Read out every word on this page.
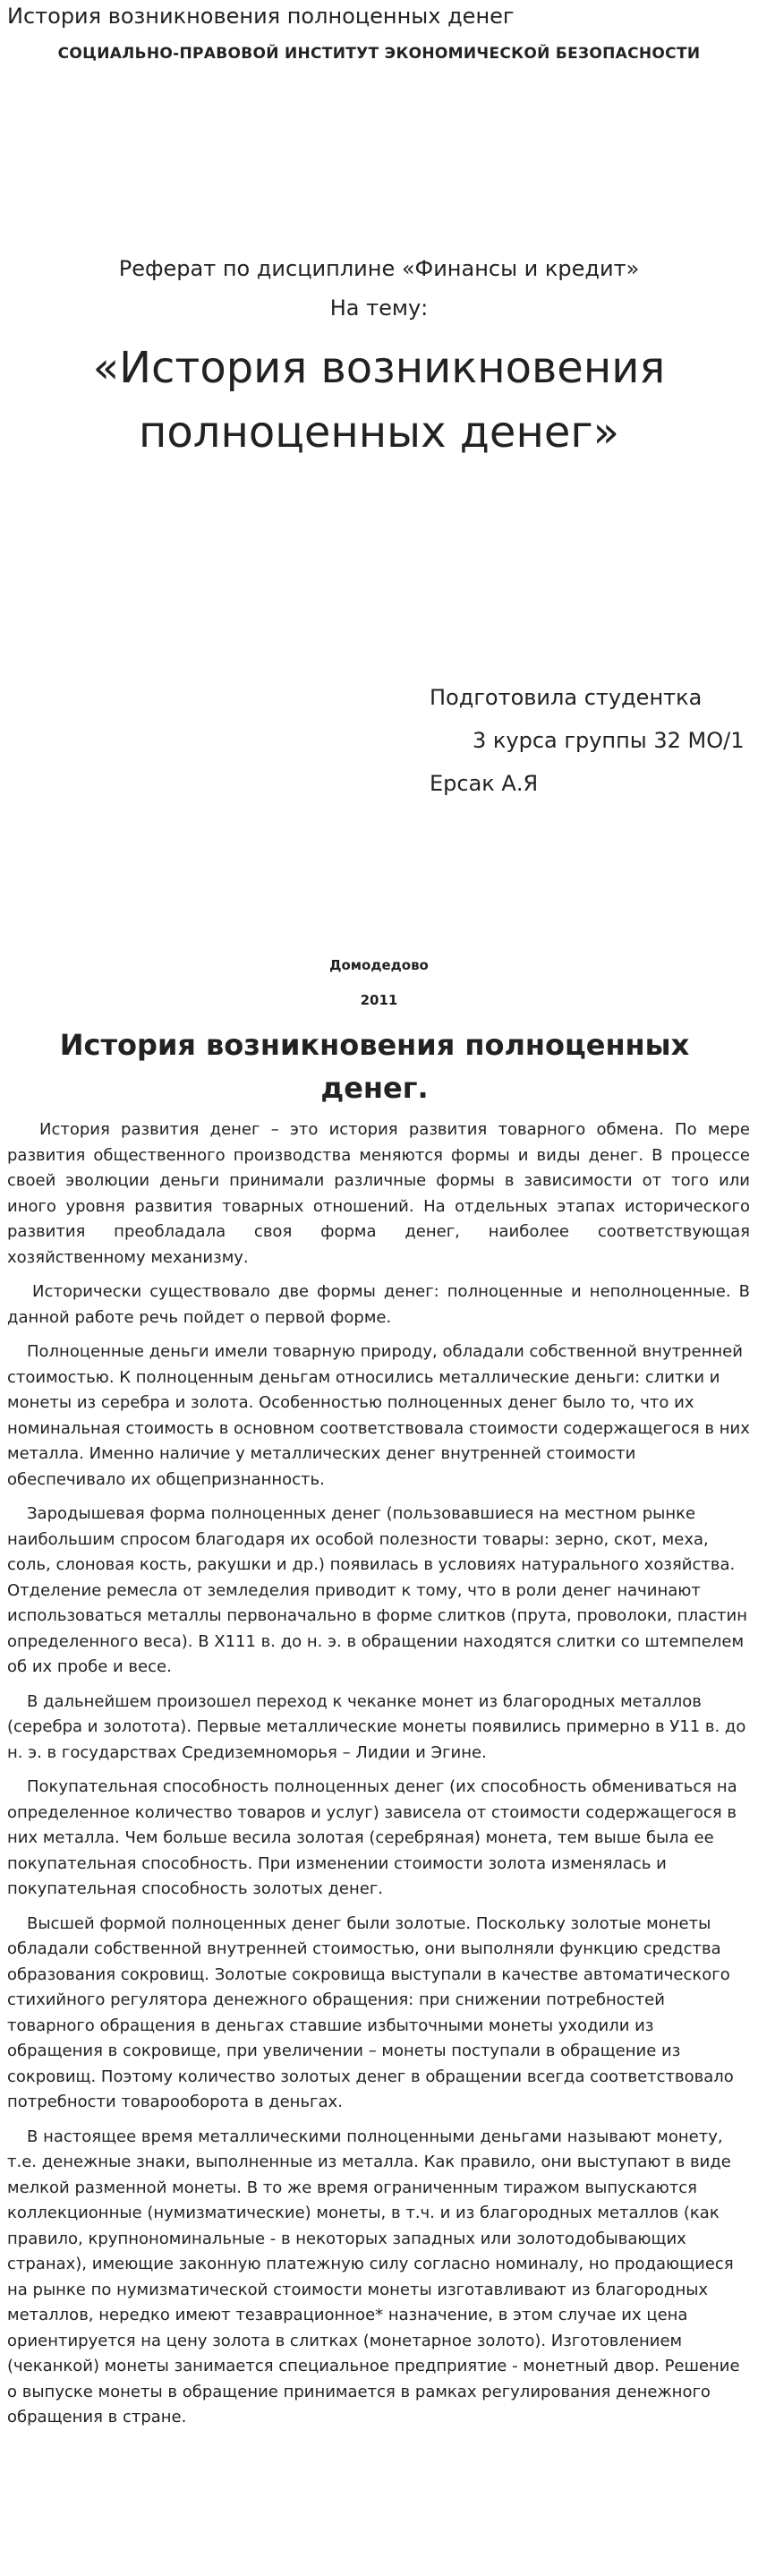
История возникновения полноценных денег
СОЦИАЛЬНО-ПРАВОВОЙ ИНСТИТУТ ЭКОНОМИЧЕСКОЙ БЕЗОПАСНОСТИ
Реферат по дисциплине «Финансы и кредит»
На тему:
«История возникновения полноценных денег»
Подготовила студентка
3 курса группы 32 МО/1
Ерсак А.Я
Домодедово
2011
История возникновения полноценных денег.

История развития денег – это история развития товарного обмена. По мере развития общественного производства меняются формы и виды денег. В процессе своей эволюции деньги принимали различные формы в зависимости от того или иного уровня развития товарных отношений. На отдельных этапах исторического развития преобладала своя форма денег, наиболее соответствующая хозяйственному механизму.

Исторически существовало две формы денег: полноценные и неполноценные. В данной работе речь пойдет о первой форме.

Полноценные деньги имели товарную природу, обладали собственной внутренней стоимостью. К полноценным деньгам относились металлические деньги: слитки и монеты из серебра и золота. Особенностью полноценных денег было то, что их номинальная стоимость в основном соответствовала стоимости содержащегося в них металла. Именно наличие у металлических денег внутренней стоимости обеспечивало их общепризнанность.

Зародышевая форма полноценных денег (пользовавшиеся на местном рынке наибольшим спросом благодаря их особой полезности товары: зерно, скот, меха, соль, слоновая кость, ракушки и др.) появилась в условиях натурального хозяйства. Отделение ремесла от земледелия приводит к тому, что в роли денег начинают использоваться металлы первоначально в форме слитков (прута, проволоки, пластин определенного веса). В X111 в. до н. э. в обращении находятся слитки со штемпелем об их пробе и весе.

В дальнейшем произошел переход к чеканке монет из благородных металлов (серебра и золотота). Первые металлические монеты появились примерно в У11 в. до н. э. в государствах Средиземноморья – Лидии и Эгине.

Покупательная способность полноценных денег (их способность обмениваться на определенное количество товаров и услуг) зависела от стоимости содержащегося в них металла. Чем больше весила золотая (серебряная) монета, тем выше была ее покупательная способность. При изменении стоимости золота изменялась и покупательная способность золотых денег.

Высшей формой полноценных денег были золотые. Поскольку золотые монеты обладали собственной внутренней стоимостью, они выполняли функцию средства образования сокровищ. Золотые сокровища выступали в качестве автоматического стихийного регулятора денежного обращения: при снижении потребностей товарного обращения в деньгах ставшие избыточными монеты уходили из обращения в сокровище, при увеличении – монеты поступали в обращение из сокровищ. Поэтому количество золотых денег в обращении всегда соответствовало потребности товарооборота в деньгах.

В настоящее время металлическими полноценными деньгами называют монету, т.е. денежные знаки, выполненные из металла. Как правило, они выступают в виде мелкой разменной монеты. В то же время ограниченным тиражом выпускаются коллекционные (нумизматические) монеты, в т.ч. и из благородных металлов (как правило, крупнономинальные - в некоторых западных или золотодобывающих странах), имеющие законную платежную силу согласно номиналу, но продающиеся на рынке по нумизматической стоимости монеты изготавливают из благородных металлов, нередко имеют тезаврационное* назначение, в этом случае их цена ориентируется на цену золота в слитках (монетарное золото). Изготовлением (чеканкой) монеты занимается специальное предприятие - монетный двор. Решение о выпуске монеты в обращение принимается в рамках регулирования денежного обращения в стране.
